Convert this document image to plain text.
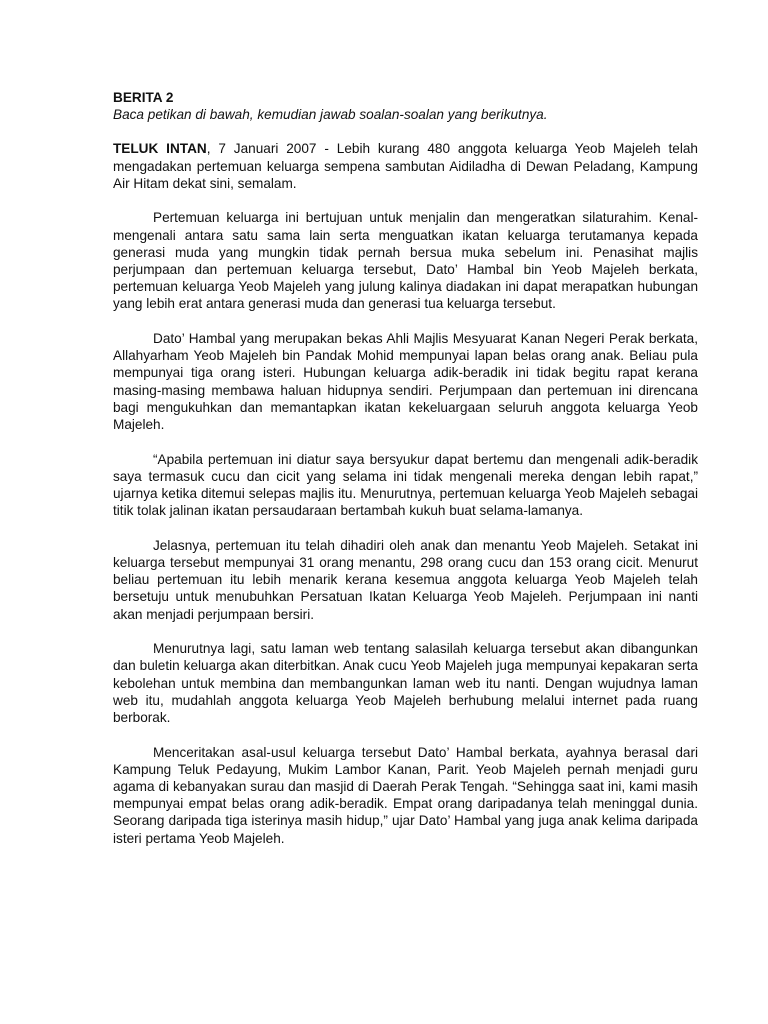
BERITA 2

Baca petikan di bawah, kemudian jawab soalan-soalan yang berikutnya.

TELUK INTAN, 7 Januari 2007 - Lebih kurang 480 anggota keluarga Yeob Majeleh telah mengadakan pertemuan keluarga sempena sambutan Aidiladha di Dewan Peladang, Kampung Air Hitam dekat sini, semalam.

Pertemuan keluarga ini bertujuan untuk menjalin dan mengeratkan silaturahim. Kenal-mengenali antara satu sama lain serta menguatkan ikatan keluarga terutamanya kepada generasi muda yang mungkin tidak pernah bersua muka sebelum ini. Penasihat majlis perjumpaan dan pertemuan keluarga tersebut, Dato’ Hambal bin Yeob Majeleh berkata, pertemuan keluarga Yeob Majeleh yang julung kalinya diadakan ini dapat merapatkan hubungan yang lebih erat antara generasi muda dan generasi tua keluarga tersebut.

Dato’ Hambal yang merupakan bekas Ahli Majlis Mesyuarat Kanan Negeri Perak berkata, Allahyarham Yeob Majeleh bin Pandak Mohid mempunyai lapan belas orang anak. Beliau pula mempunyai tiga orang isteri. Hubungan keluarga adik-beradik ini tidak begitu rapat kerana masing-masing membawa haluan hidupnya sendiri. Perjumpaan dan pertemuan ini direncana bagi mengukuhkan dan memantapkan ikatan kekeluargaan seluruh anggota keluarga Yeob Majeleh.

“Apabila pertemuan ini diatur saya bersyukur dapat bertemu dan mengenali adik-beradik saya termasuk cucu dan cicit yang selama ini tidak mengenali mereka dengan lebih rapat,” ujarnya ketika ditemui selepas majlis itu. Menurutnya, pertemuan keluarga Yeob Majeleh sebagai titik tolak jalinan ikatan persaudaraan bertambah kukuh buat selama-lamanya.

Jelasnya, pertemuan itu telah dihadiri oleh anak dan menantu Yeob Majeleh. Setakat ini keluarga tersebut mempunyai 31 orang menantu, 298 orang cucu dan 153 orang cicit. Menurut beliau pertemuan itu lebih menarik kerana kesemua anggota keluarga Yeob Majeleh telah bersetuju untuk menubuhkan Persatuan Ikatan Keluarga Yeob Majeleh. Perjumpaan ini nanti akan menjadi perjumpaan bersiri.

Menurutnya lagi, satu laman web tentang salasilah keluarga tersebut akan dibangunkan dan buletin keluarga akan diterbitkan. Anak cucu Yeob Majeleh juga mempunyai kepakaran serta kebolehan untuk membina dan membangunkan laman web itu nanti. Dengan wujudnya laman web itu, mudahlah anggota keluarga Yeob Majeleh berhubung melalui internet pada ruang berborak.

Menceritakan asal-usul keluarga tersebut Dato’ Hambal berkata, ayahnya berasal dari Kampung Teluk Pedayung, Mukim Lambor Kanan, Parit. Yeob Majeleh pernah menjadi guru agama di kebanyakan surau dan masjid di Daerah Perak Tengah. “Sehingga saat ini, kami masih mempunyai empat belas orang adik-beradik. Empat orang daripadanya telah meninggal dunia. Seorang daripada tiga isterinya masih hidup,” ujar Dato’ Hambal yang juga anak kelima daripada isteri pertama Yeob Majeleh.
